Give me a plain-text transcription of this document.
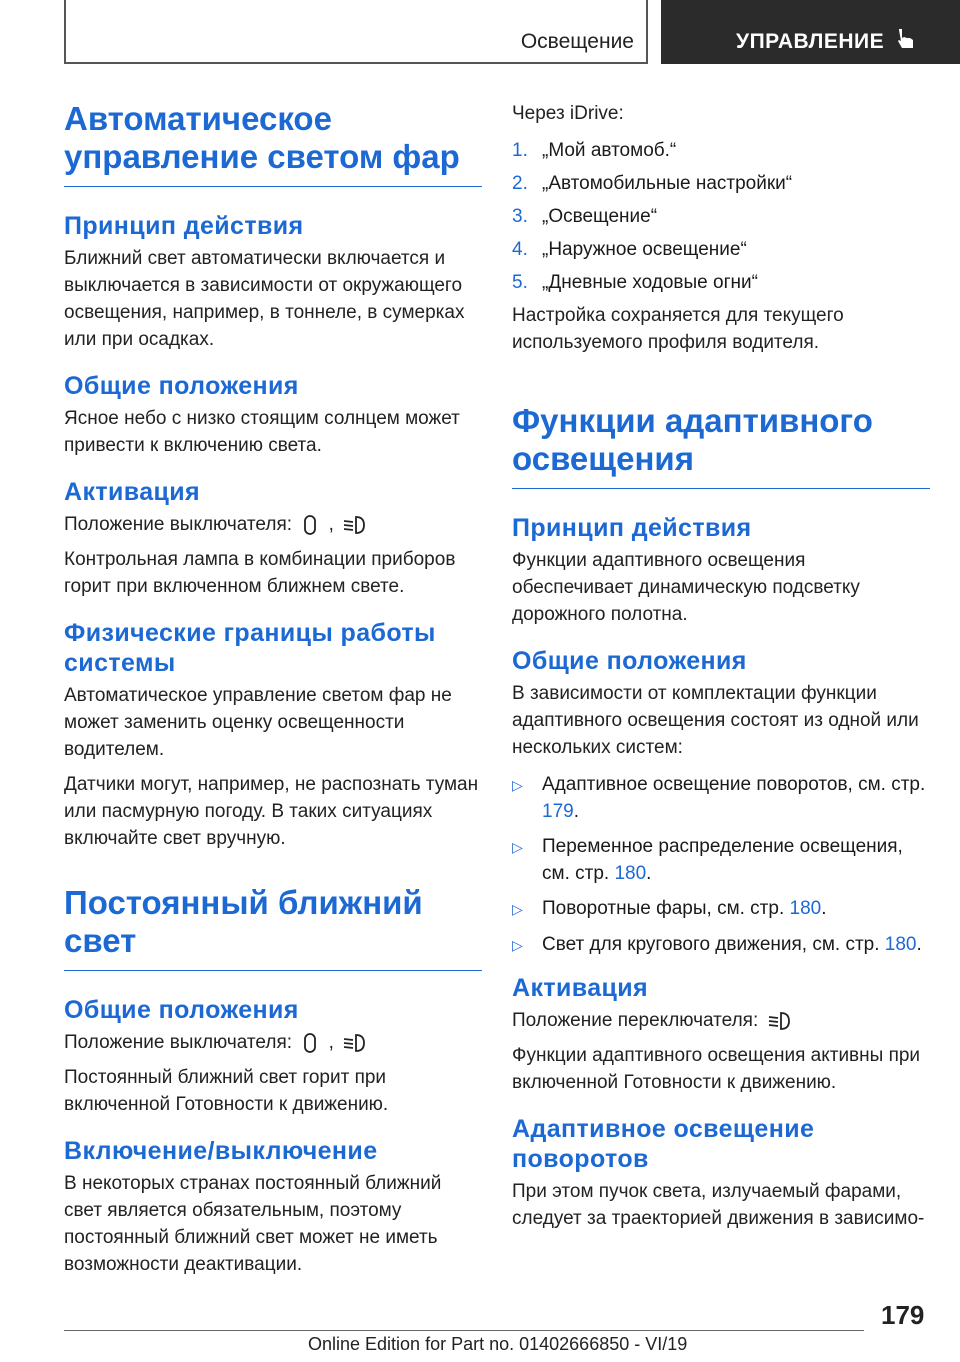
Освещение	УПРАВЛЕНИЕ
Автоматическое
управление светом фар
Принцип действия

Ближний свет автоматически включается и выключается в зависимости от окружающего освещения, например, в тоннеле, в сумерках или при осадках.

Общие положения

Ясное небо с низко стоящим солнцем может привести к включению света.

Активация

Положение выключателя: ,

Контрольная лампа в комбинации приборов горит при включенном ближнем свете.

Физические границы работы
системы

Автоматическое управление светом фар не может заменить оценку освещенности водителем.

Датчики могут, например, не распознать туман или пасмурную погоду. В таких ситуациях включайте свет вручную.

Постоянный ближний
свет
Общие положения

Положение выключателя: ,

Постоянный ближний свет горит при включенной Готовности к движению.

Включение/выключение

В некоторых странах постоянный ближний свет является обязательным, поэтому постоянный ближний свет может не иметь возможности деактивации.

Через iDrive:

1. „Мой автомоб.“
2. „Автомобильные настройки“
3. „Освещение“
4. „Наружное освещение“
5. „Дневные ходовые огни“

Настройка сохраняется для текущего используемого профиля водителя.

Функции адаптивного
освещения
Принцип действия

Функции адаптивного освещения обеспечивает динамическую подсветку дорожного полотна.

Общие положения

В зависимости от комплектации функции адаптивного освещения состоят из одной или нескольких систем:

▷	Адаптивное освещение поворотов, см. стр. 179.
▷	Переменное распределение освещения, см. стр. 180.
▷	Поворотные фары, см. стр. 180.
▷	Свет для кругового движения, см. стр. 180.
Активация

Положение переключателя:

Функции адаптивного освещения активны при включенной Готовности к движению.

Адаптивное освещение
поворотов

При этом пучок света, излучаемый фарами, следует за траекторией движения в зависимо-

179
Online Edition for Part no. 01402666850 - VI/19
